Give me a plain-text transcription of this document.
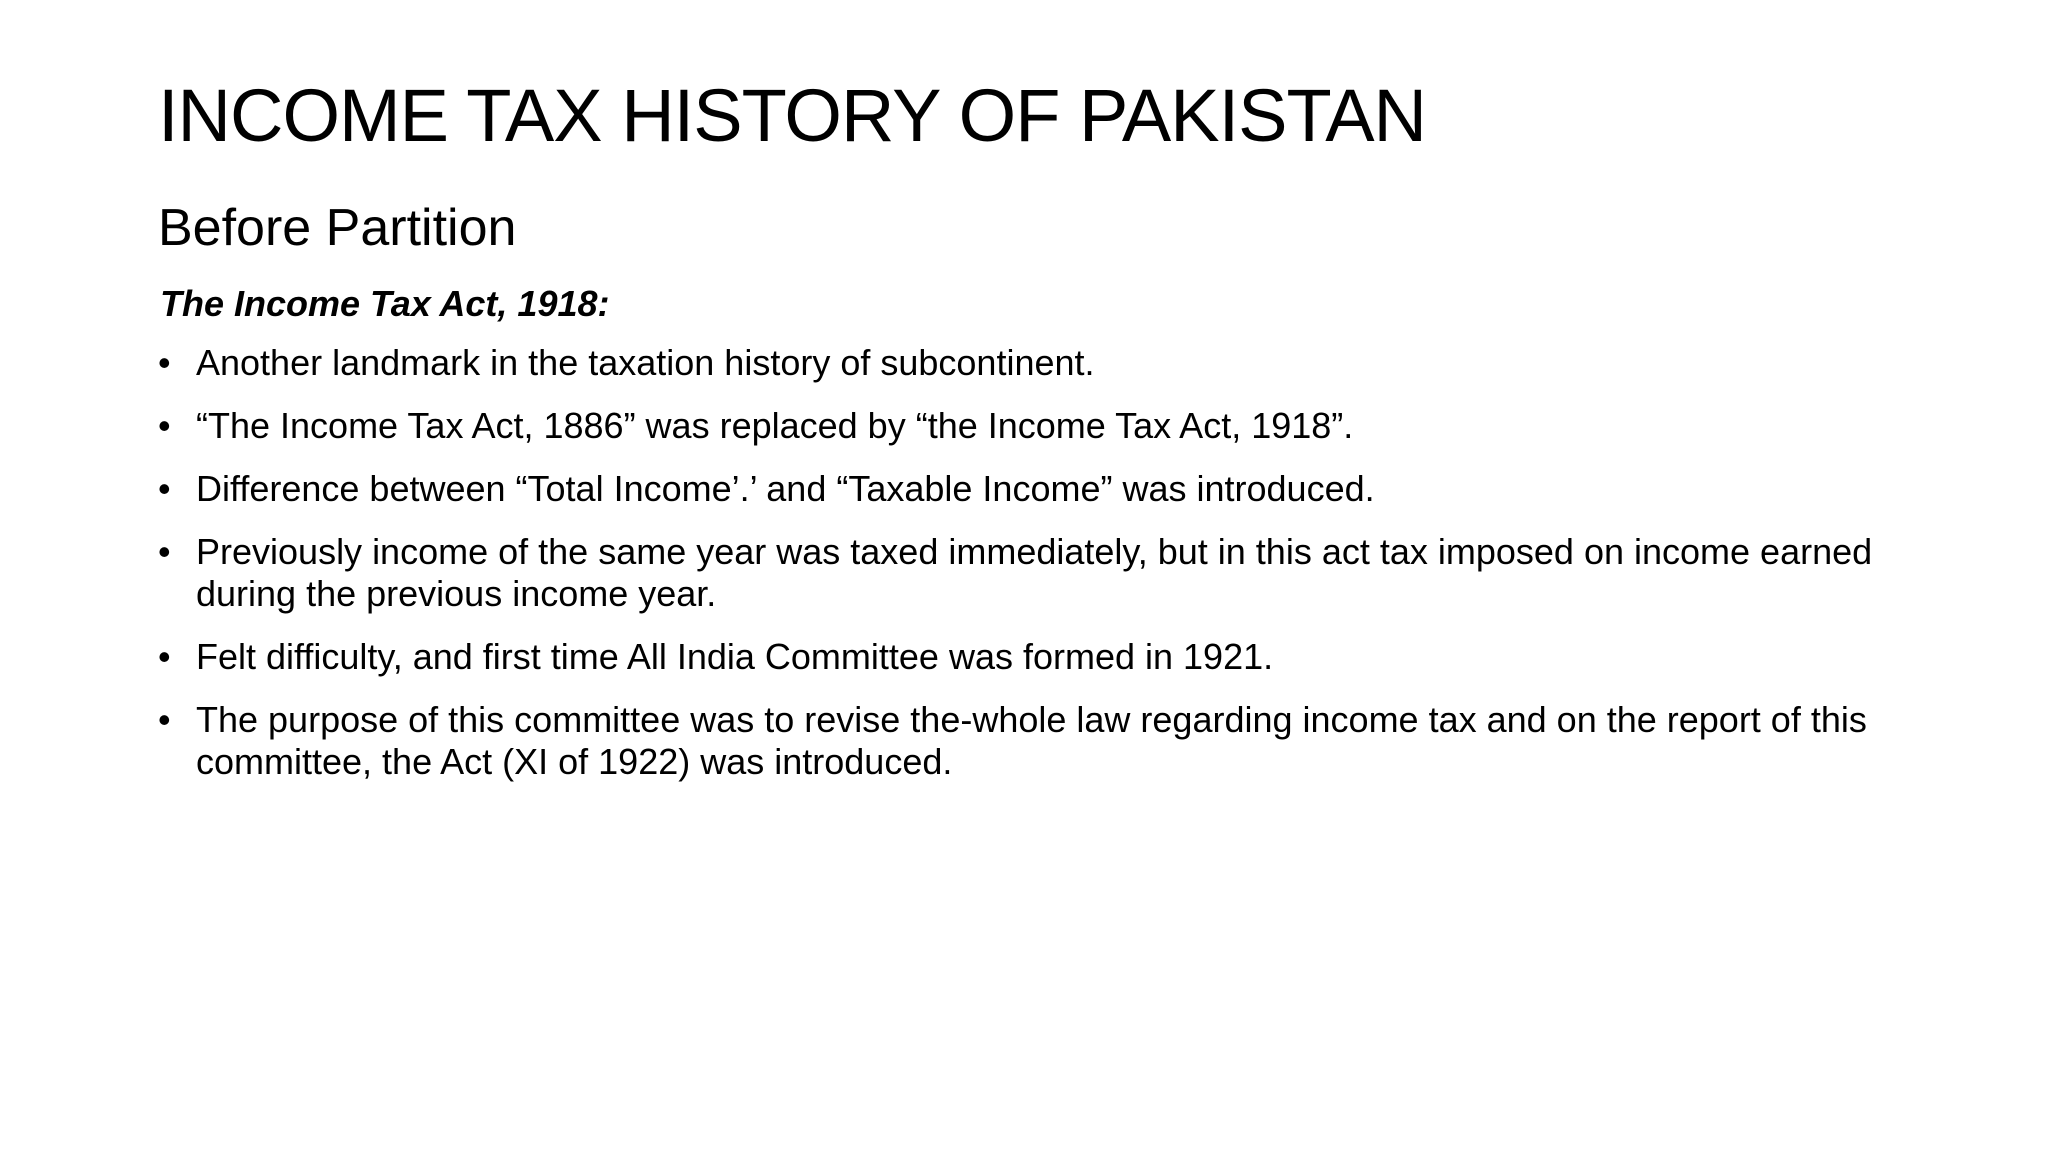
INCOME TAX HISTORY OF PAKISTAN
Before Partition
The Income Tax Act, 1918:
• Another landmark in the taxation history of subcontinent.
• “The Income Tax Act, 1886” was replaced by “the Income Tax Act, 1918”.
• Difference between “Total Income’.’ and “Taxable Income” was introduced.
• Previously income of the same year was taxed immediately, but in this act tax imposed on income earned during the previous income year.
• Felt difficulty, and first time All India Committee was formed in 1921.
• The purpose of this committee was to revise the-whole law regarding income tax and on the report of this committee, the Act (XI of 1922) was introduced.
